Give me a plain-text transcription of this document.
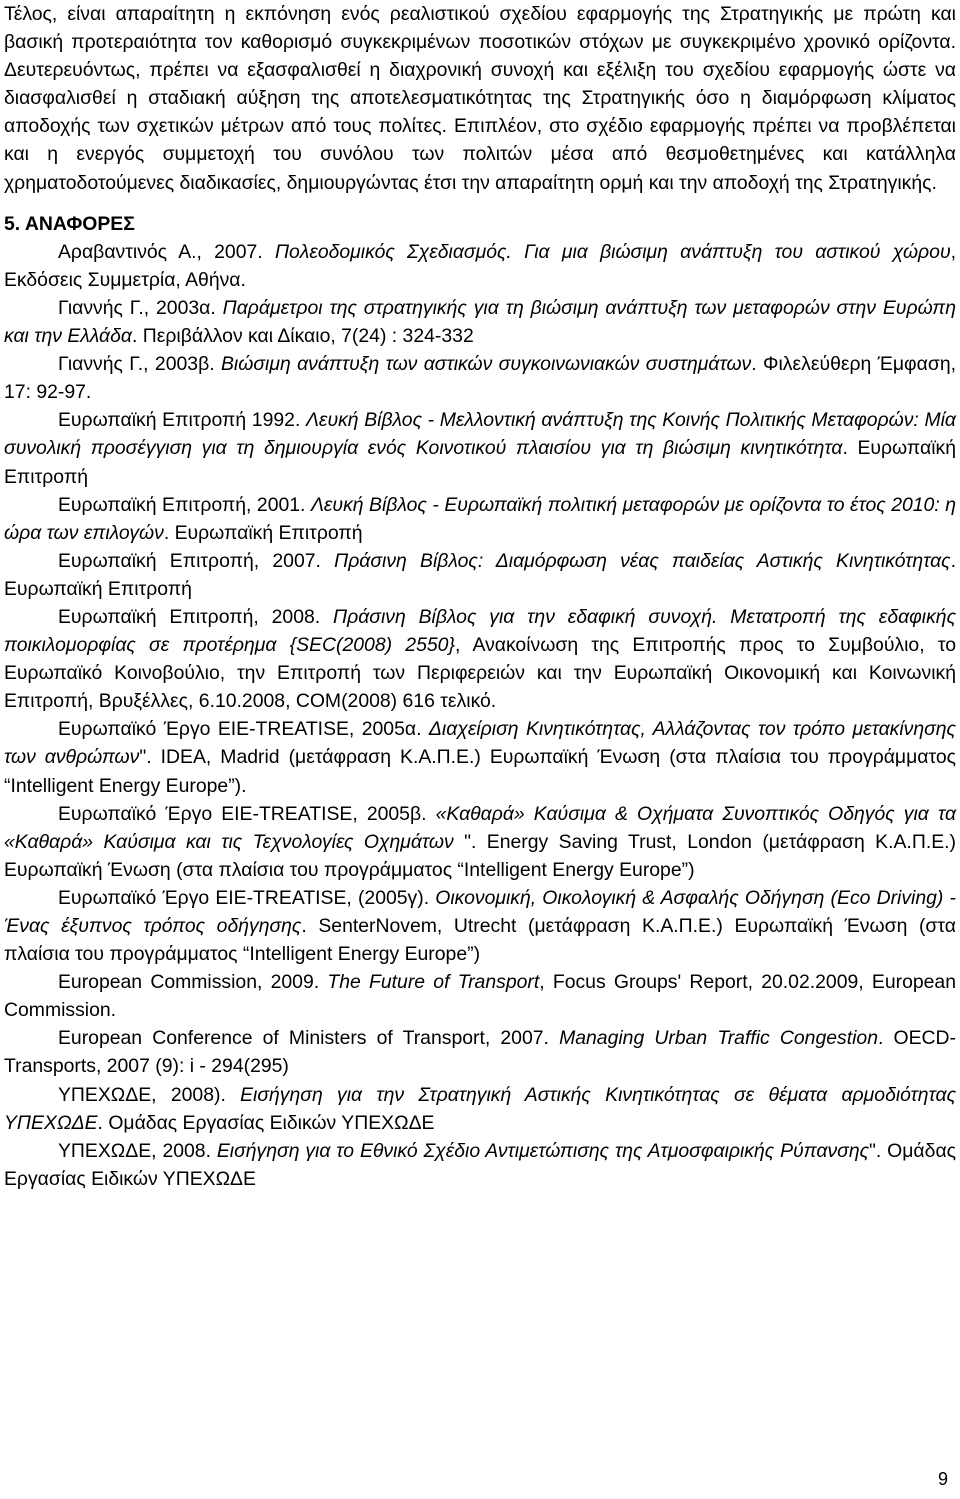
Τέλος, είναι απαραίτητη η εκπόνηση ενός ρεαλιστικού σχεδίου εφαρμογής της Στρατηγικής με πρώτη και βασική προτεραιότητα τον καθορισμό συγκεκριμένων ποσοτικών στόχων με συγκεκριμένο χρονικό ορίζοντα. Δευτερευόντως, πρέπει να εξασφαλισθεί η διαχρονική συνοχή και εξέλιξη του σχεδίου εφαρμογής ώστε να διασφαλισθεί η σταδιακή αύξηση της αποτελεσματικότητας της Στρατηγικής όσο η διαμόρφωση κλίματος αποδοχής των σχετικών μέτρων από τους πολίτες. Επιπλέον, στο σχέδιο εφαρμογής πρέπει να προβλέπεται και η ενεργός συμμετοχή του συνόλου των πολιτών μέσα από θεσμοθετημένες και κατάλληλα χρηματοδοτούμενες διαδικασίες, δημιουργώντας έτσι την απαραίτητη ορμή και την αποδοχή της Στρατηγικής.

5. ΑΝΑΦΟΡΕΣ

Αραβαντινός Α., 2007. Πολεοδομικός Σχεδιασμός. Για μια βιώσιμη ανάπτυξη του αστικού χώρου, Εκδόσεις Συμμετρία, Αθήνα.

Γιαννής Γ., 2003α. Παράμετροι της στρατηγικής για τη βιώσιμη ανάπτυξη των μεταφορών στην Ευρώπη και την Ελλάδα. Περιβάλλον και Δίκαιο, 7(24) : 324-332

Γιαννής Γ., 2003β. Βιώσιμη ανάπτυξη των αστικών συγκοινωνιακών συστημάτων. Φιλελεύθερη Έμφαση, 17: 92-97.

Ευρωπαϊκή Επιτροπή 1992. Λευκή Βίβλος - Μελλοντική ανάπτυξη της Κοινής Πολιτικής Μεταφορών: Μία συνολική προσέγγιση για τη δημιουργία ενός Κοινοτικού πλαισίου για τη βιώσιμη κινητικότητα. Ευρωπαϊκή Επιτροπή

Ευρωπαϊκή Επιτροπή, 2001. Λευκή Βίβλος - Ευρωπαϊκή πολιτική μεταφορών με ορίζοντα το έτος 2010: η ώρα των επιλογών. Ευρωπαϊκή Επιτροπή

Ευρωπαϊκή Επιτροπή, 2007. Πράσινη Βίβλος: Διαμόρφωση νέας παιδείας Αστικής Κινητικότητας. Ευρωπαϊκή Επιτροπή

Ευρωπαϊκή Επιτροπή, 2008. Πράσινη Βίβλος για την εδαφική συνοχή. Μετατροπή της εδαφικής ποικιλομορφίας σε προτέρημα {SEC(2008) 2550}, Ανακοίνωση της Επιτροπής προς το Συμβούλιο, το Ευρωπαϊκό Κοινοβούλιο, την Επιτροπή των Περιφερειών και την Ευρωπαϊκή Οικονομική και Κοινωνική Επιτροπή, Βρυξέλλες, 6.10.2008, COM(2008) 616 τελικό.

Ευρωπαϊκό Έργο EIE-TREATISE, 2005α. Διαχείριση Κινητικότητας, Αλλάζοντας τον τρόπο μετακίνησης των ανθρώπων". IDEA, Madrid (μετάφραση Κ.Α.Π.Ε.) Ευρωπαϊκή Ένωση (στα πλαίσια του προγράμματος “Intelligent Energy Europe”).

Ευρωπαϊκό Έργο EIE-TREATISE, 2005β. «Καθαρά» Καύσιμα & Οχήματα Συνοπτικός Οδηγός για τα «Καθαρά» Καύσιμα και τις Τεχνολογίες Οχημάτων ". Energy Saving Trust, London (μετάφραση Κ.Α.Π.Ε.) Ευρωπαϊκή Ένωση (στα πλαίσια του προγράμματος “Intelligent Energy Europe”)

Ευρωπαϊκό Έργο EIE-TREATISE, (2005γ). Οικονομική, Οικολογική & Ασφαλής Οδήγηση (Eco Driving) - Ένας έξυπνος τρόπος οδήγησης. SenterNovem, Utrecht (μετάφραση Κ.Α.Π.Ε.) Ευρωπαϊκή Ένωση (στα πλαίσια του προγράμματος “Intelligent Energy Europe”)

European Commission, 2009. The Future of Transport, Focus Groups' Report, 20.02.2009, European Commission.

European Conference of Ministers of Transport, 2007. Managing Urban Traffic Congestion. OECD-Transports, 2007 (9): i - 294(295)

ΥΠΕΧΩΔΕ, 2008). Εισήγηση για την Στρατηγική Αστικής Κινητικότητας σε θέματα αρμοδιότητας ΥΠΕΧΩΔΕ. Ομάδας Εργασίας Ειδικών ΥΠΕΧΩΔΕ

ΥΠΕΧΩΔΕ, 2008. Εισήγηση για το Εθνικό Σχέδιο Αντιμετώπισης της Ατμοσφαιρικής Ρύπανσης". Ομάδας Εργασίας Ειδικών ΥΠΕΧΩΔΕ

9
